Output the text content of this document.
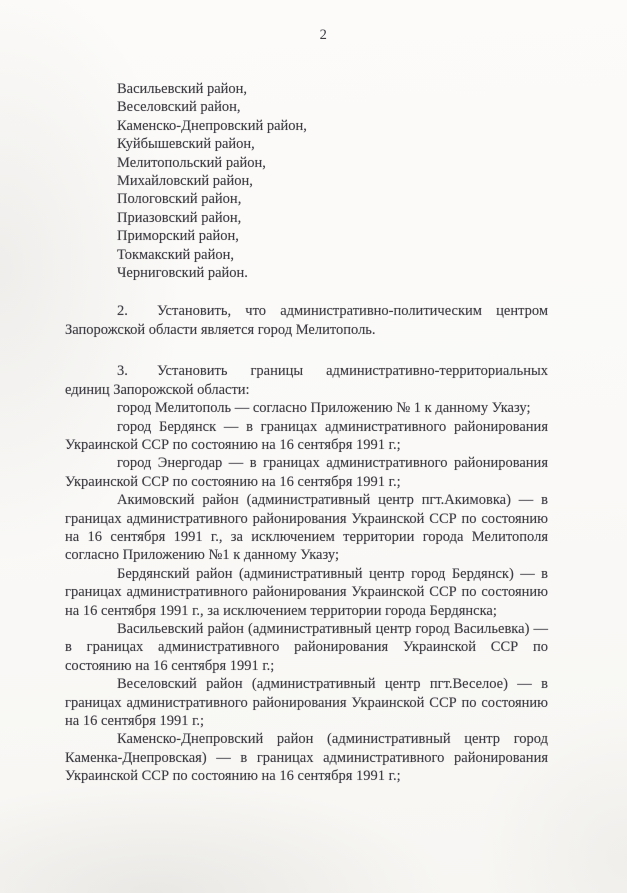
2
Васильевский район,
Веселовский район,
Каменско-Днепровский район,
Куйбышевский район,
Мелитопольский район,
Михайловский район,
Пологовский район,
Приазовский район,
Приморский район,
Токмакский район,
Черниговский район.

2. Установить, что административно-политическим центром Запорожской области является город Мелитополь.

3. Установить границы административно-территориальных единиц Запорожской области:

город Мелитополь — согласно Приложению № 1 к данному Указу;

город Бердянск — в границах административного районирования Украинской ССР по состоянию на 16 сентября 1991 г.;

город Энергодар — в границах административного районирования Украинской ССР по состоянию на 16 сентября 1991 г.;

Акимовский район (административный центр пгт.Акимовка) — в границах административного районирования Украинской ССР по состоянию на 16 сентября 1991 г., за исключением территории города Мелитополя согласно Приложению №1 к данному Указу;

Бердянский район (административный центр город Бердянск) — в границах административного районирования Украинской ССР по состоянию на 16 сентября 1991 г., за исключением территории города Бердянска;

Васильевский район (административный центр город Васильевка) — в границах административного районирования Украинской ССР по состоянию на 16 сентября 1991 г.;

Веселовский район (административный центр пгт.Веселое) — в границах административного районирования Украинской ССР по состоянию на 16 сентября 1991 г.;

Каменско-Днепровский район (административный центр город Каменка-Днепровская) — в границах административного районирования Украинской ССР по состоянию на 16 сентября 1991 г.;
